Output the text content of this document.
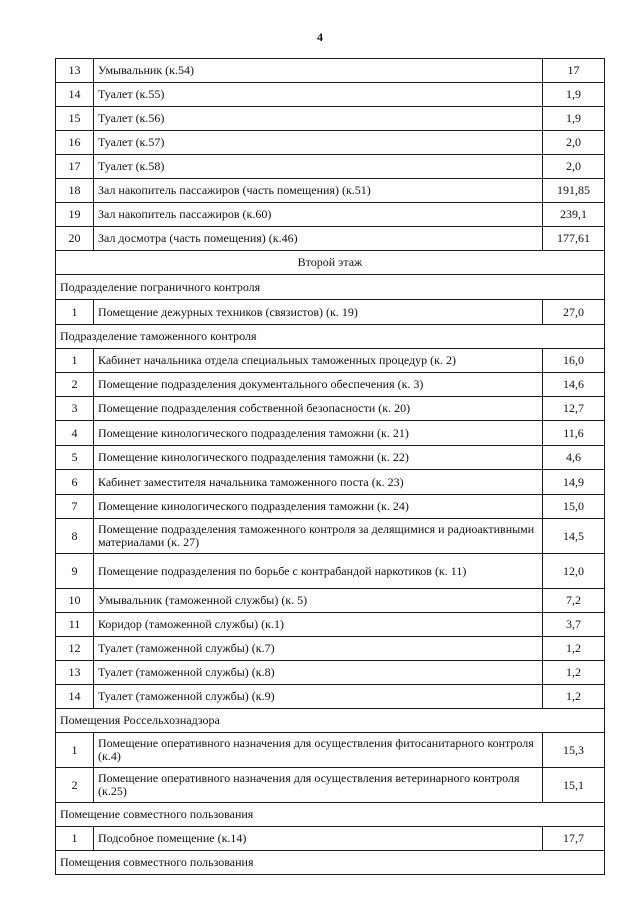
4
13	Умывальник (к.54)	17
14	Туалет (к.55)	1,9
15	Туалет (к.56)	1,9
16	Туалет (к.57)	2,0
17	Туалет (к.58)	2,0
18	Зал накопитель пассажиров (часть помещения) (к.51)	191,85
19	Зал накопитель пассажиров (к.60)	239,1
20	Зал досмотра (часть помещения) (к.46)	177,61
Второй этаж		
Подразделение пограничного контроля		
1	Помещение дежурных техников (связистов) (к. 19)	27,0
Подразделение таможенного контроля		
1	Кабинет начальника отдела специальных таможенных процедур (к. 2)	16,0
2	Помещение подразделения документального обеспечения (к. 3)	14,6
3	Помещение подразделения собственной безопасности (к. 20)	12,7
4	Помещение кинологического подразделения таможни (к. 21)	11,6
5	Помещение кинологического подразделения таможни (к. 22)	4,6
6	Кабинет заместителя начальника таможенного поста (к. 23)	14,9
7	Помещение кинологического подразделения таможни (к. 24)	15,0
8	Помещение подразделения таможенного контроля за делящимися и радиоактивными материалами (к. 27)	14,5
9	Помещение подразделения по борьбе с контрабандой наркотиков (к. 11)	12,0
10	Умывальник (таможенной службы) (к. 5)	7,2
11	Коридор (таможенной службы) (к.1)	3,7
12	Туалет (таможенной службы) (к.7)	1,2
13	Туалет (таможенной службы) (к.8)	1,2
14	Туалет (таможенной службы) (к.9)	1,2
Помещения Россельхознадзора		
1	Помещение оперативного назначения для осуществления фитосанитарного контроля (к.4)	15,3
2	Помещение оперативного назначения для осуществления ветеринарного контроля (к.25)	15,1
Помещение совместного пользования		
1	Подсобное помещение (к.14)	17,7
Помещения совместного пользования		
